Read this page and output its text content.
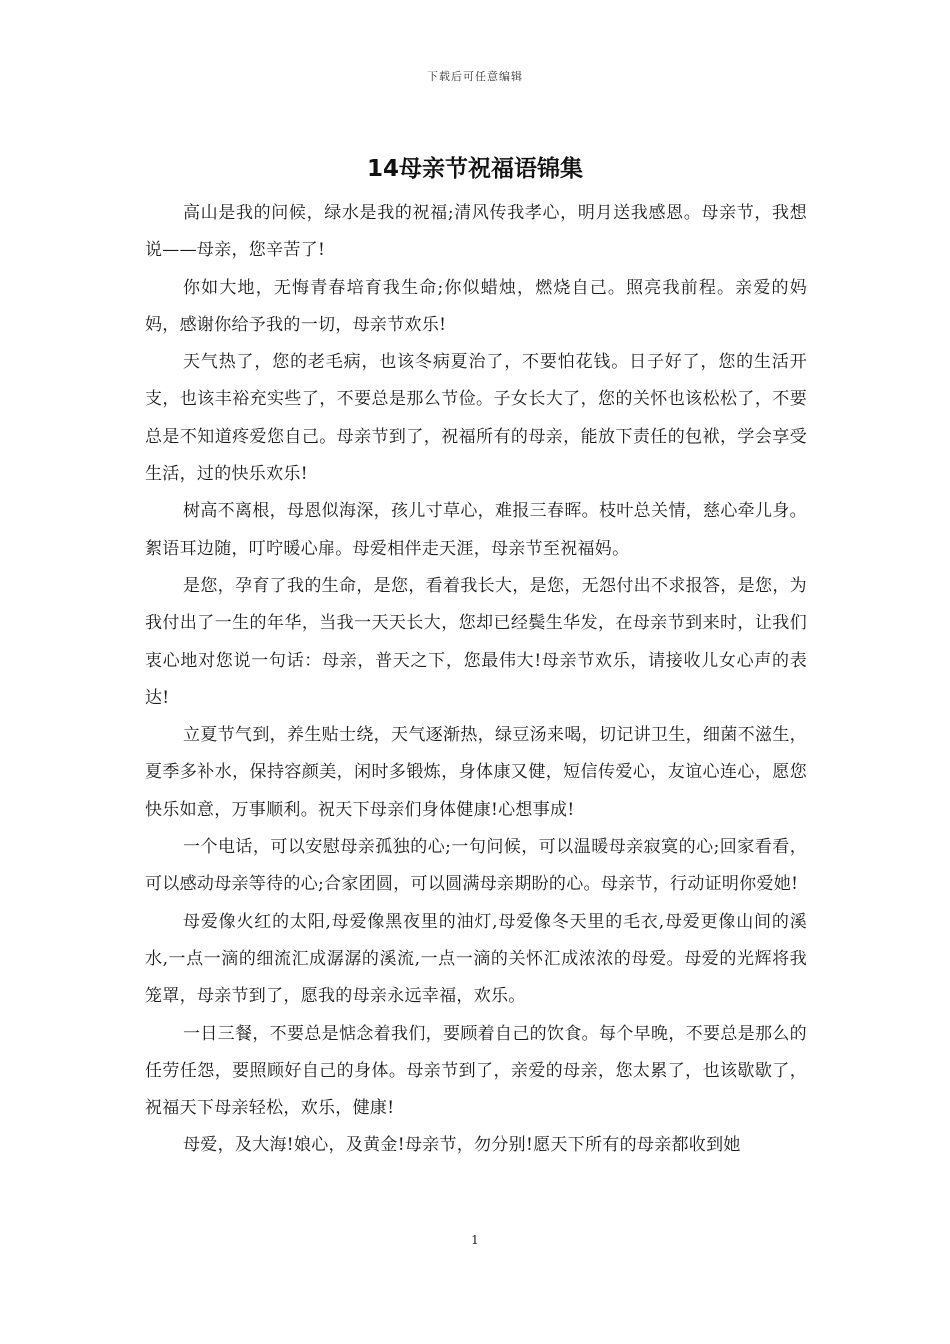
下载后可任意编辑
14母亲节祝福语锦集

高山是我的问候，绿水是我的祝福;清风传我孝心，明月送我感恩。母亲节，我想说——母亲，您辛苦了!

你如大地，无悔青春培育我生命;你似蜡烛，燃烧自己。照亮我前程。亲爱的妈妈，感谢你给予我的一切，母亲节欢乐!

天气热了，您的老毛病，也该冬病夏治了，不要怕花钱。日子好了，您的生活开支，也该丰裕充实些了，不要总是那么节俭。子女长大了，您的关怀也该松松了，不要总是不知道疼爱您自己。母亲节到了，祝福所有的母亲，能放下责任的包袱，学会享受生活，过的快乐欢乐!

树高不离根，母恩似海深，孩儿寸草心，难报三春晖。枝叶总关情，慈心牵儿身。絮语耳边随，叮咛暖心扉。母爱相伴走天涯，母亲节至祝福妈。

是您，孕育了我的生命，是您，看着我长大，是您，无怨付出不求报答，是您，为我付出了一生的年华，当我一天天长大，您却已经鬓生华发，在母亲节到来时，让我们衷心地对您说一句话：母亲，普天之下，您最伟大!母亲节欢乐，请接收儿女心声的表达!

立夏节气到，养生贴士绕，天气逐渐热，绿豆汤来喝，切记讲卫生，细菌不滋生，夏季多补水，保持容颜美，闲时多锻炼，身体康又健，短信传爱心，友谊心连心，愿您快乐如意，万事顺利。祝天下母亲们身体健康!心想事成!

一个电话，可以安慰母亲孤独的心;一句问候，可以温暖母亲寂寞的心;回家看看，可以感动母亲等待的心;合家团圆，可以圆满母亲期盼的心。母亲节，行动证明你爱她!

母爱像火红的太阳,母爱像黑夜里的油灯,母爱像冬天里的毛衣,母爱更像山间的溪水,一点一滴的细流汇成潺潺的溪流,一点一滴的关怀汇成浓浓的母爱。母爱的光辉将我笼罩，母亲节到了，愿我的母亲永远幸福，欢乐。

一日三餐，不要总是惦念着我们，要顾着自己的饮食。每个早晚，不要总是那么的任劳任怨，要照顾好自己的身体。母亲节到了，亲爱的母亲，您太累了，也该歇歇了，祝福天下母亲轻松，欢乐，健康!

母爱，及大海!娘心，及黄金!母亲节，勿分别!愿天下所有的母亲都收到她

1
